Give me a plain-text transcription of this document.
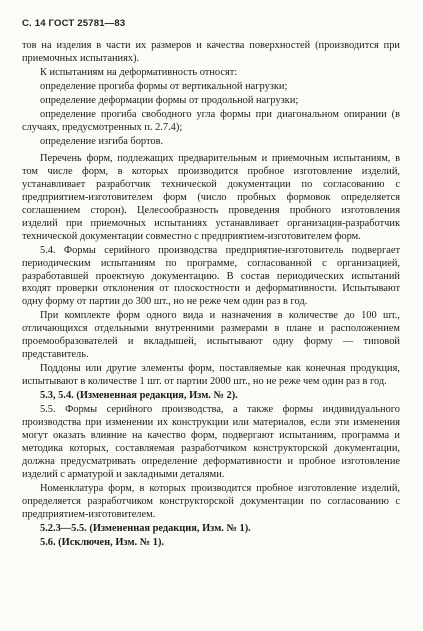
С. 14 ГОСТ 25781—83

тов на изделия в части их размеров и качества поверхностей (производится при приемочных испытаниях).

К испытаниям на деформативность относят:

определение прогиба формы от вертикальной нагрузки;

определение деформации формы от продольной нагрузки;

определение прогиба свободного угла формы при диагональном опирании (в случаях, предусмотренных п. 2.7.4);

определение изгиба бортов.

Перечень форм, подлежащих предварительным и приемочным испытаниям, в том числе форм, в которых производится пробное изготовление изделий, устанавливает разработчик технической документации по согласованию с предприятием-изготовителем форм (число пробных формовок определяется соглашением сторон). Целесообразность проведения пробного изготовления изделий при приемочных испытаниях устанавливает организация-разработчик технической документации совместно с предприятием-изготовителем форм.

5.4. Формы серийного производства предприятие-изготовитель подвергает периодическим испытаниям по программе, согласованной с организацией, разработавшей проектную документацию. В состав периодических испытаний входят проверки отклонения от плоскостности и деформативности. Испытывают одну форму от партии до 300 шт., но не реже чем один раз в год.

При комплекте форм одного вида и назначения в количестве до 100 шт., отличающихся отдельными внутренними размерами в плане и расположением проемообразователей и вкладышей, испытывают одну форму — типовой представитель.

Поддоны или другие элементы форм, поставляемые как конечная продукция, испытывают в количестве 1 шт. от партии 2000 шт., но не реже чем один раз в год.

5.3, 5.4. (Измененная редакция, Изм. № 2).

5.5. Формы серийного производства, а также формы индивидуального производства при изменении их конструкции или материалов, если эти изменения могут оказать влияние на качество форм, подвергают испытаниям, программа и методика которых, составляемая разработчиком конструкторской документации, должна предусматривать определение деформативности и пробное изготовление изделий с арматурой и закладными деталями.

Номенклатура форм, в которых производится пробное изготовление изделий, определяется разработчиком конструкторской документации по согласованию с предприятием-изготовителем.

5.2.3—5.5. (Измененная редакция, Изм. № 1).

5.6. (Исключен, Изм. № 1).
